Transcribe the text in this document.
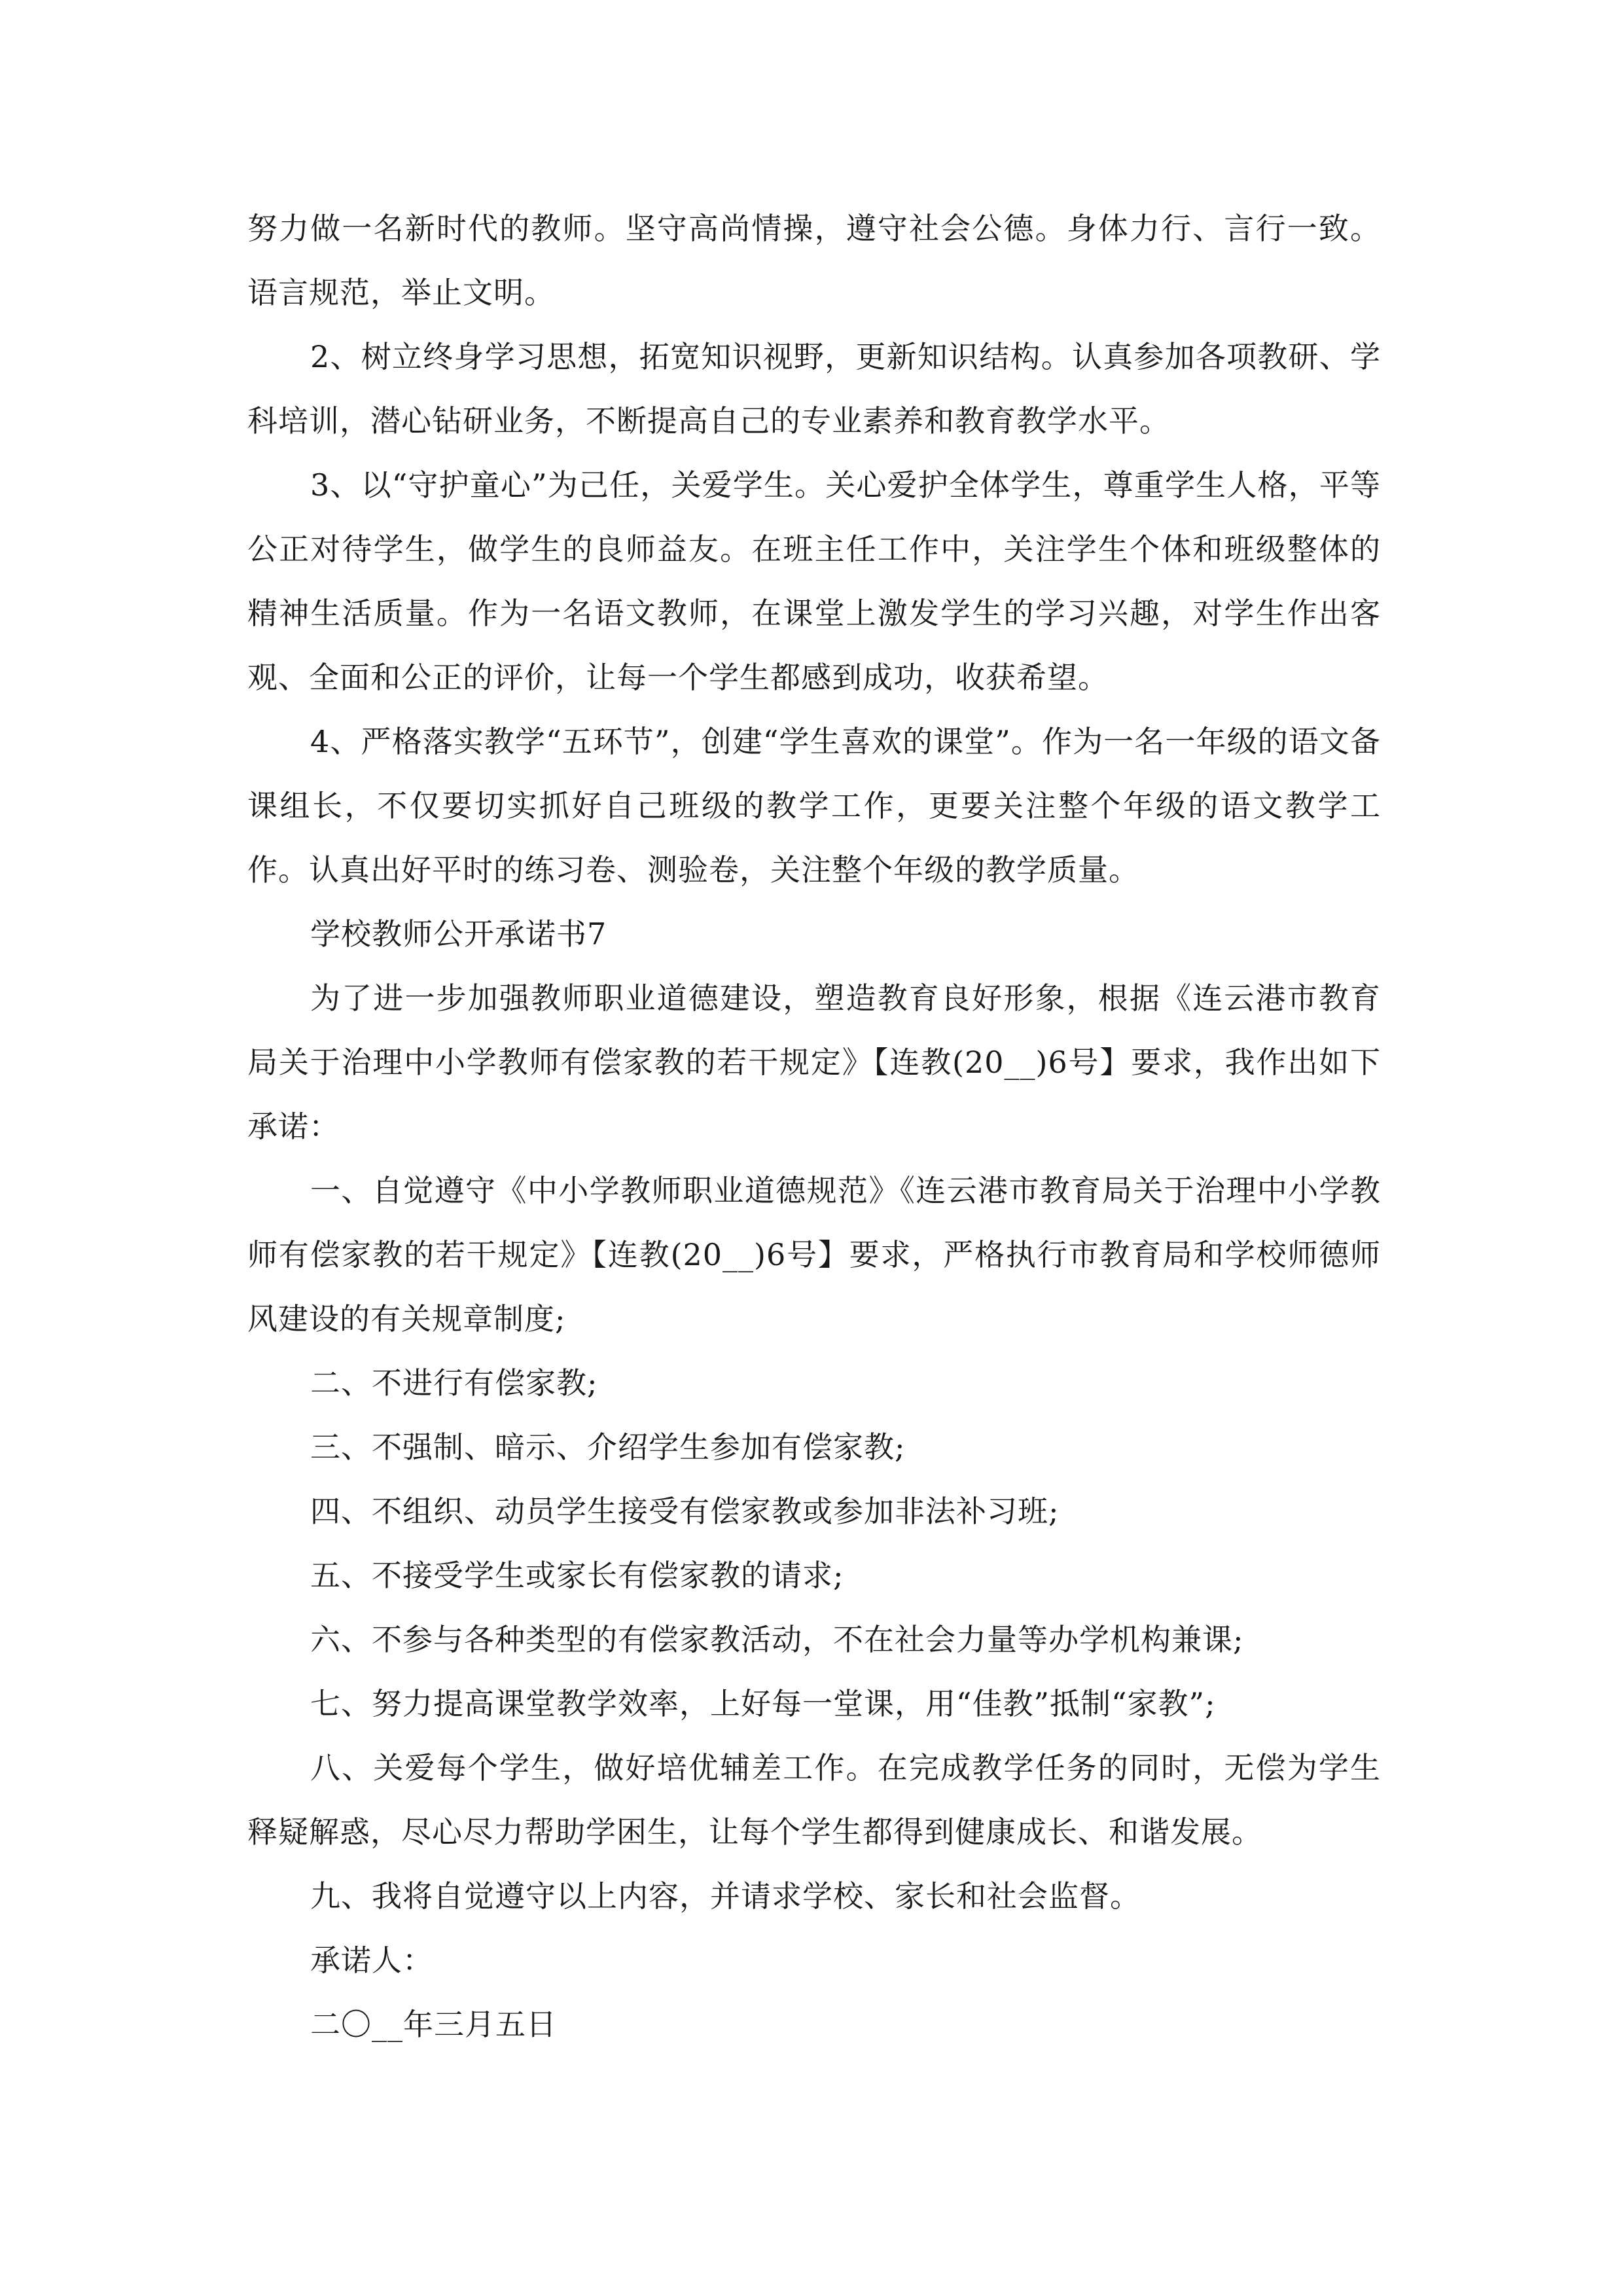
努力做一名新时代的教师。坚守高尚情操，遵守社会公德。身体力行、言行一致。语言规范，举止文明。

2、树立终身学习思想，拓宽知识视野，更新知识结构。认真参加各项教研、学科培训，潜心钻研业务，不断提高自己的专业素养和教育教学水平。

3、以“守护童心”为己任，关爱学生。关心爱护全体学生，尊重学生人格，平等公正对待学生，做学生的良师益友。在班主任工作中，关注学生个体和班级整体的精神生活质量。作为一名语文教师，在课堂上激发学生的学习兴趣，对学生作出客观、全面和公正的评价，让每一个学生都感到成功，收获希望。

4、严格落实教学“五环节”，创建“学生喜欢的课堂”。作为一名一年级的语文备课组长，不仅要切实抓好自己班级的教学工作，更要关注整个年级的语文教学工作。认真出好平时的练习卷、测验卷，关注整个年级的教学质量。

学校教师公开承诺书7

为了进一步加强教师职业道德建设，塑造教育良好形象，根据《连云港市教育局关于治理中小学教师有偿家教的若干规定》【连教(20__)6号】要求，我作出如下承诺：

一、自觉遵守《中小学教师职业道德规范》《连云港市教育局关于治理中小学教师有偿家教的若干规定》【连教(20__)6号】要求，严格执行市教育局和学校师德师风建设的有关规章制度;

二、不进行有偿家教;

三、不强制、暗示、介绍学生参加有偿家教;

四、不组织、动员学生接受有偿家教或参加非法补习班;

五、不接受学生或家长有偿家教的请求;

六、不参与各种类型的有偿家教活动，不在社会力量等办学机构兼课;

七、努力提高课堂教学效率，上好每一堂课，用“佳教”抵制“家教”;

八、关爱每个学生，做好培优辅差工作。在完成教学任务的同时，无偿为学生释疑解惑，尽心尽力帮助学困生，让每个学生都得到健康成长、和谐发展。

九、我将自觉遵守以上内容，并请求学校、家长和社会监督。

承诺人：

二〇__年三月五日
